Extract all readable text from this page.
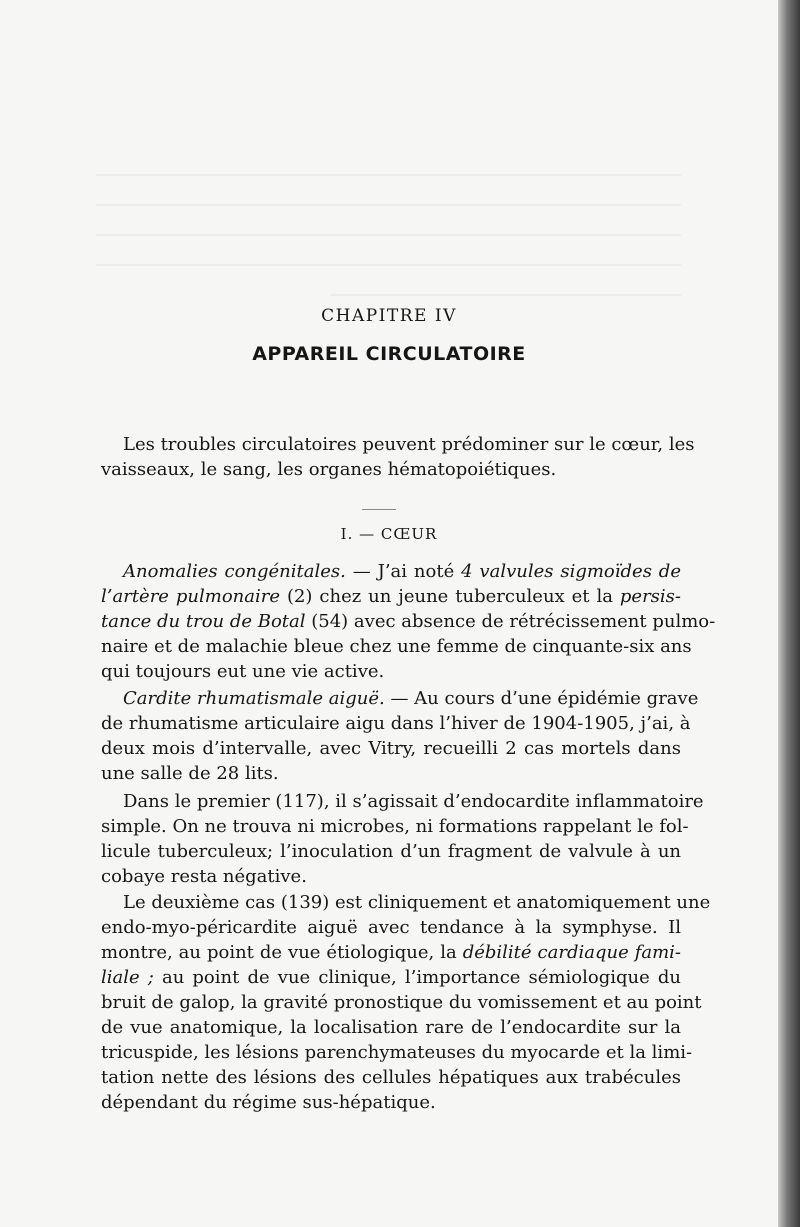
CHAPITRE IV
APPAREIL CIRCULATOIRE
Les troubles circulatoires peuvent prédominer sur le cœur, les
vaisseaux, le sang, les organes hématopoiétiques.
I. — CŒUR
Anomalies congénitales. — J’ai noté 4 valvules sigmoïdes de
l’artère pulmonaire (2) chez un jeune tuberculeux et la persis-
tance du trou de Botal (54) avec absence de rétrécissement pulmo-
naire et de malachie bleue chez une femme de cinquante-six ans
qui toujours eut une vie active.
Cardite rhumatismale aiguë. — Au cours d’une épidémie grave
de rhumatisme articulaire aigu dans l’hiver de 1904-1905, j’ai, à
deux mois d’intervalle, avec Vitry, recueilli 2 cas mortels dans
une salle de 28 lits.
Dans le premier (117), il s’agissait d’endocardite inflammatoire
simple. On ne trouva ni microbes, ni formations rappelant le fol-
licule tuberculeux; l’inoculation d’un fragment de valvule à un
cobaye resta négative.
Le deuxième cas (139) est cliniquement et anatomiquement une
endo-myo-péricardite aiguë avec tendance à la symphyse. Il
montre, au point de vue étiologique, la débilité cardiaque fami-
liale ; au point de vue clinique, l’importance sémiologique du
bruit de galop, la gravité pronostique du vomissement et au point
de vue anatomique, la localisation rare de l’endocardite sur la
tricuspide, les lésions parenchymateuses du myocarde et la limi-
tation nette des lésions des cellules hépatiques aux trabécules
dépendant du régime sus-hépatique.
